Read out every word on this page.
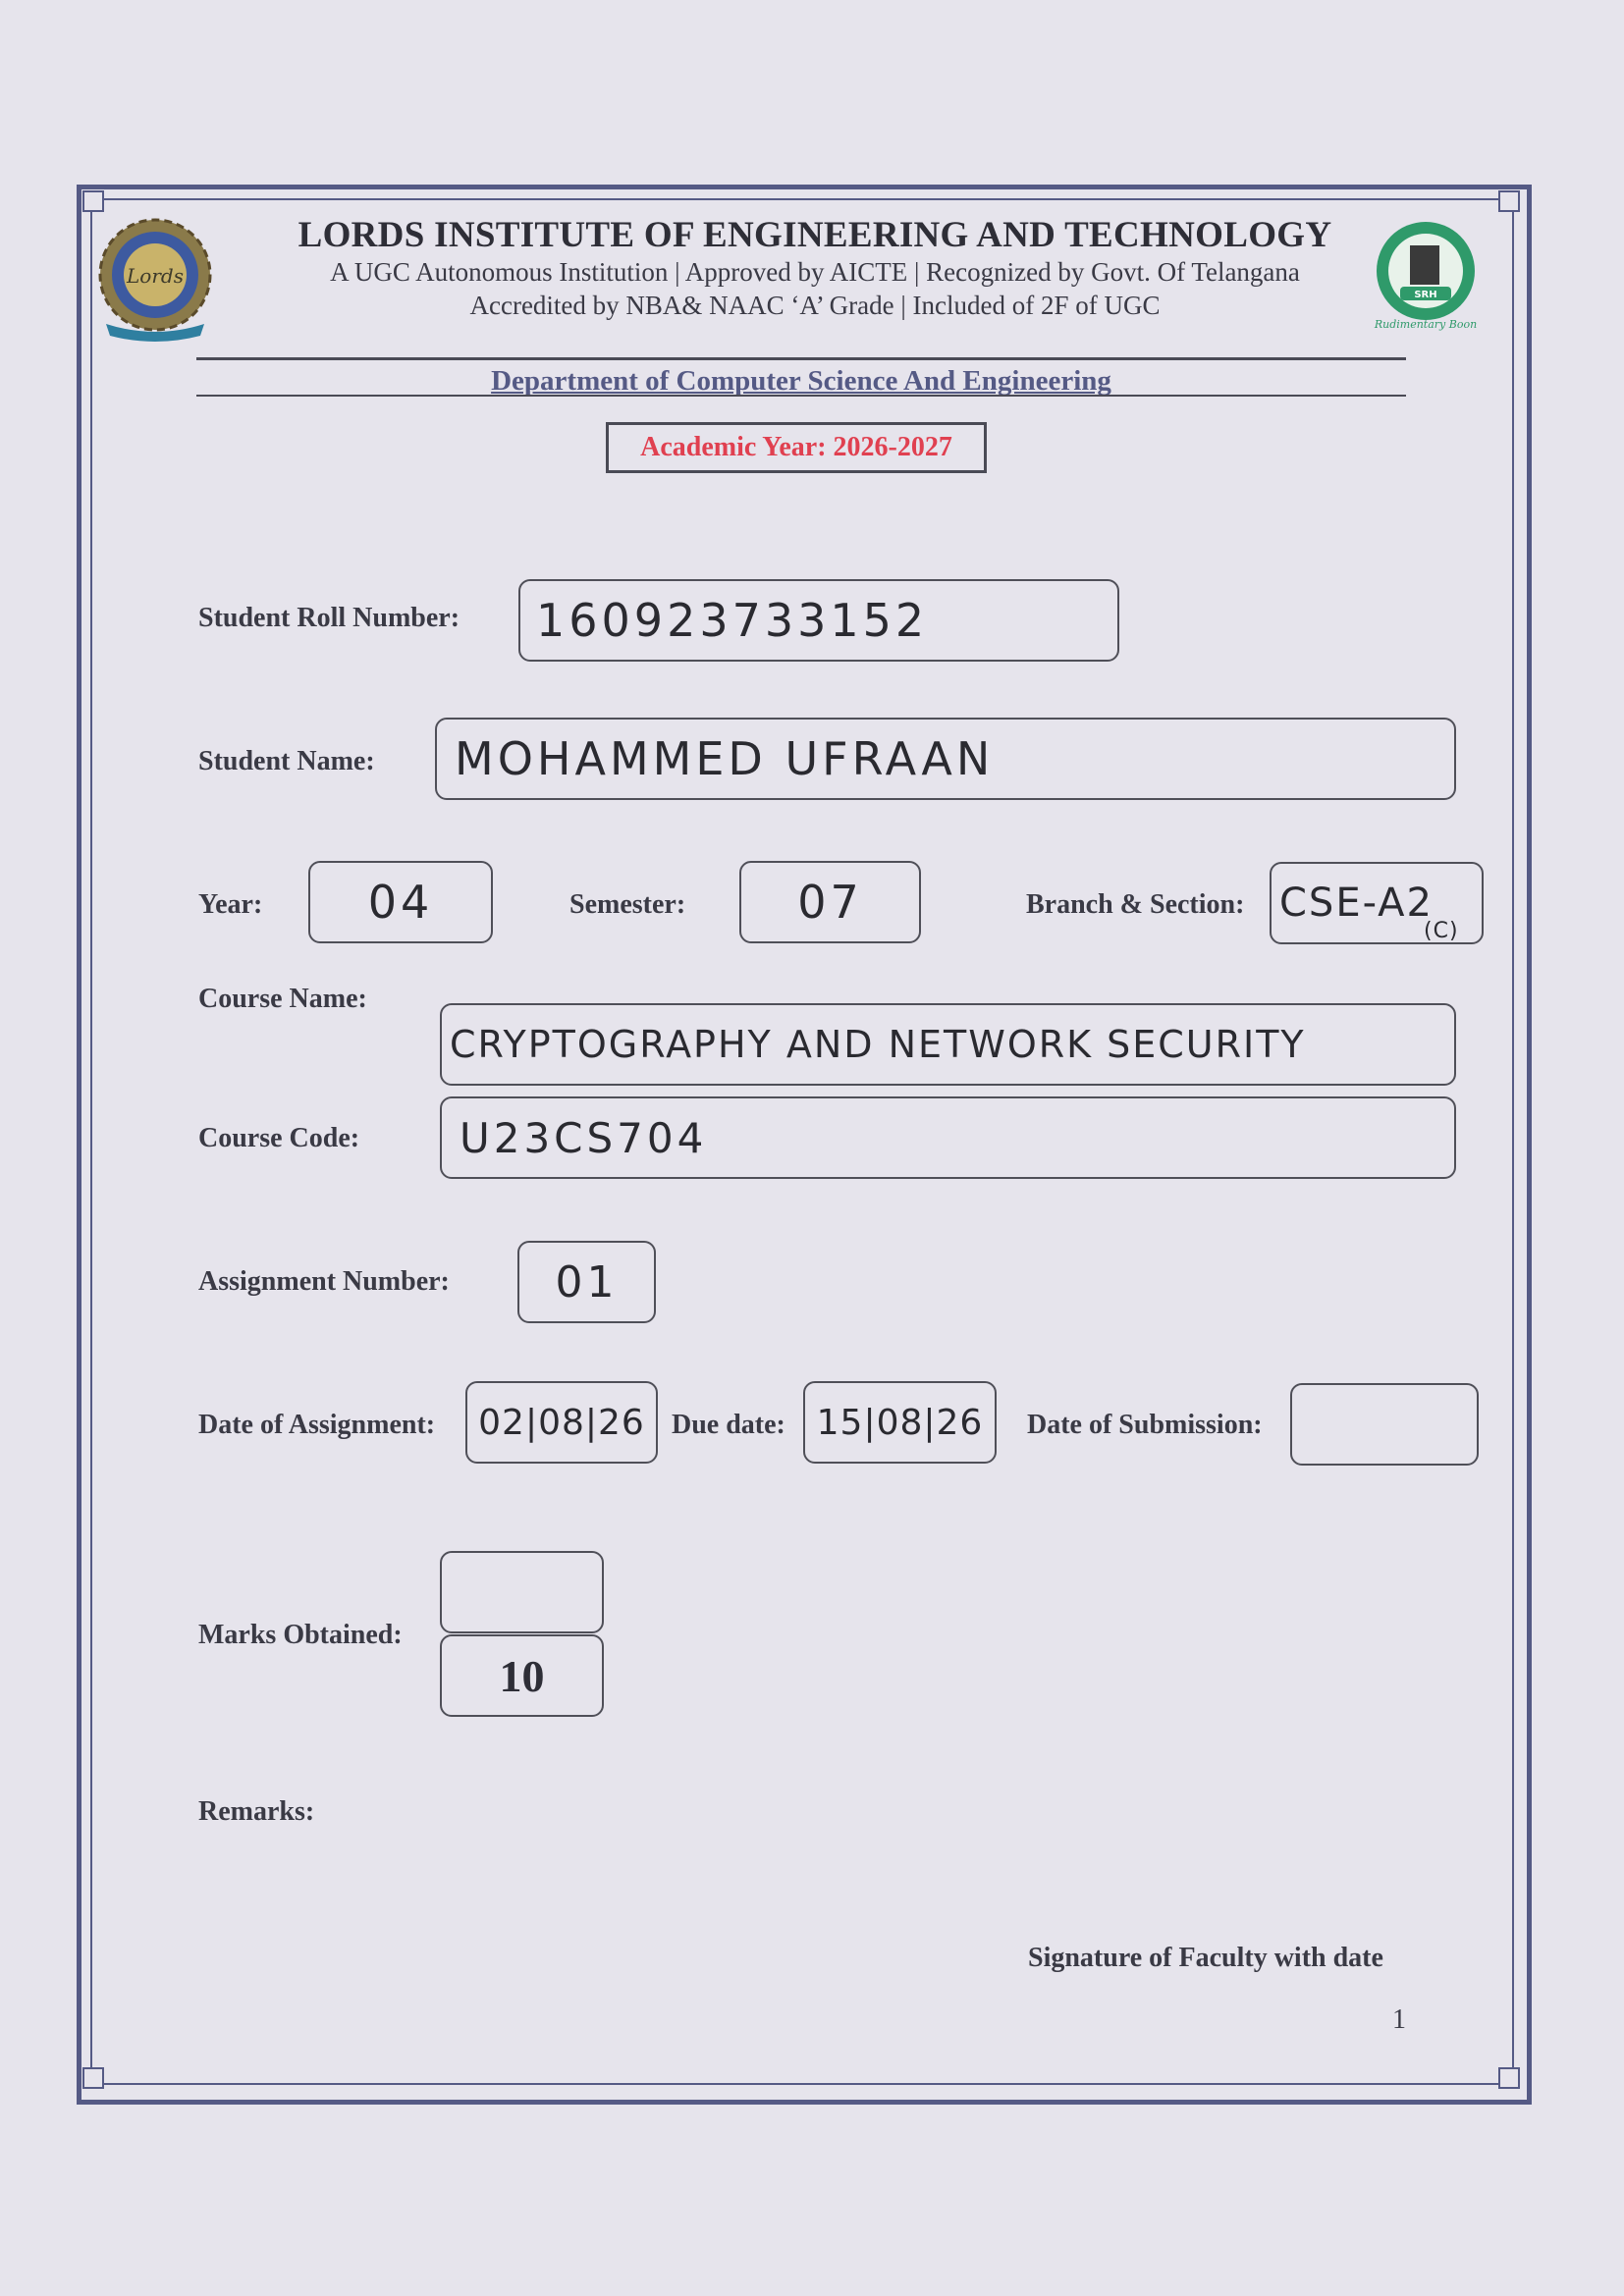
Lords
SRH
Rudimentary Boon
LORDS INSTITUTE OF ENGINEERING AND TECHNOLOGY
A UGC Autonomous Institution | Approved by AICTE | Recognized by Govt. Of Telangana
Accredited by NBA& NAAC ‘A’ Grade | Included of 2F of UGC
Department of Computer Science And Engineering
Academic Year: 2026-2027
Student Roll Number: 160923733152
Student Name: MOHAMMED UFRAAN
Year: 04	Semester: 07	Branch & Section: CSE-A2
(C)
Course Name:
CRYPTOGRAPHY AND NETWORK SECURITY
Course Code: U23CS704
Assignment Number: 01
Date of Assignment: 02|08|26 Due date: 15|08|26 Date of Submission:
Marks Obtained:
10
Remarks:
Signature of Faculty with date
1
